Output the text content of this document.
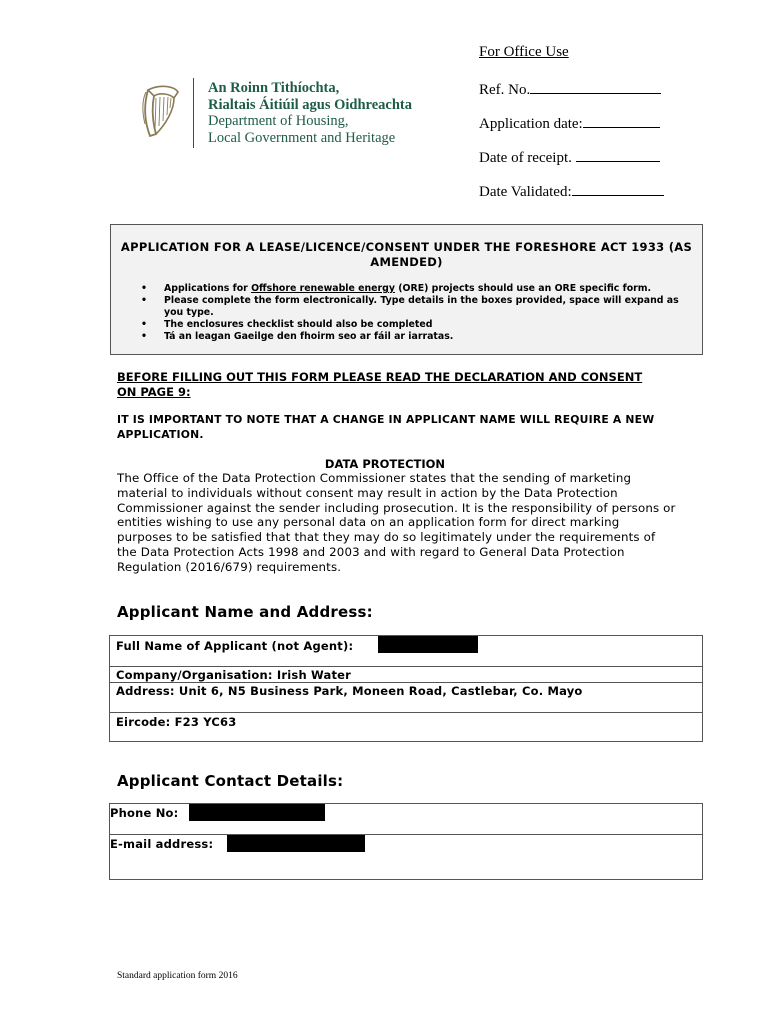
An Roinn Tithíochta,
Rialtais Áitiúil agus Oidhreachta
Department of Housing,
Local Government and Heritage
For Office Use
Ref. No.
Application date:
Date of receipt.
Date Validated:
APPLICATION FOR A LEASE/LICENCE/CONSENT UNDER THE FORESHORE ACT 1933 (AS AMENDED)
• Applications for Offshore renewable energy (ORE) projects should use an ORE specific form.
• Please complete the form electronically. Type details in the boxes provided, space will expand as you type.
• The enclosures checklist should also be completed
• Tá an leagan Gaeilge den fhoirm seo ar fáil ar iarratas.
BEFORE FILLING OUT THIS FORM PLEASE READ THE DECLARATION AND CONSENT ON PAGE 9:
IT IS IMPORTANT TO NOTE THAT A CHANGE IN APPLICANT NAME WILL REQUIRE A NEW APPLICATION.
DATA PROTECTION
The Office of the Data Protection Commissioner states that the sending of marketing material to individuals without consent may result in action by the Data Protection Commissioner against the sender including prosecution. It is the responsibility of persons or entities wishing to use any personal data on an application form for direct marking purposes to be satisfied that that they may do so legitimately under the requirements of the Data Protection Acts 1998 and 2003 and with regard to General Data Protection Regulation (2016/679) requirements.
Applicant Name and Address:
Full Name of Applicant (not Agent):
Company/Organisation: Irish Water
Address: Unit 6, N5 Business Park, Moneen Road, Castlebar, Co. Mayo
Eircode: F23 YC63
Applicant Contact Details:
Phone No:
E-mail address:
Standard application form 2016
